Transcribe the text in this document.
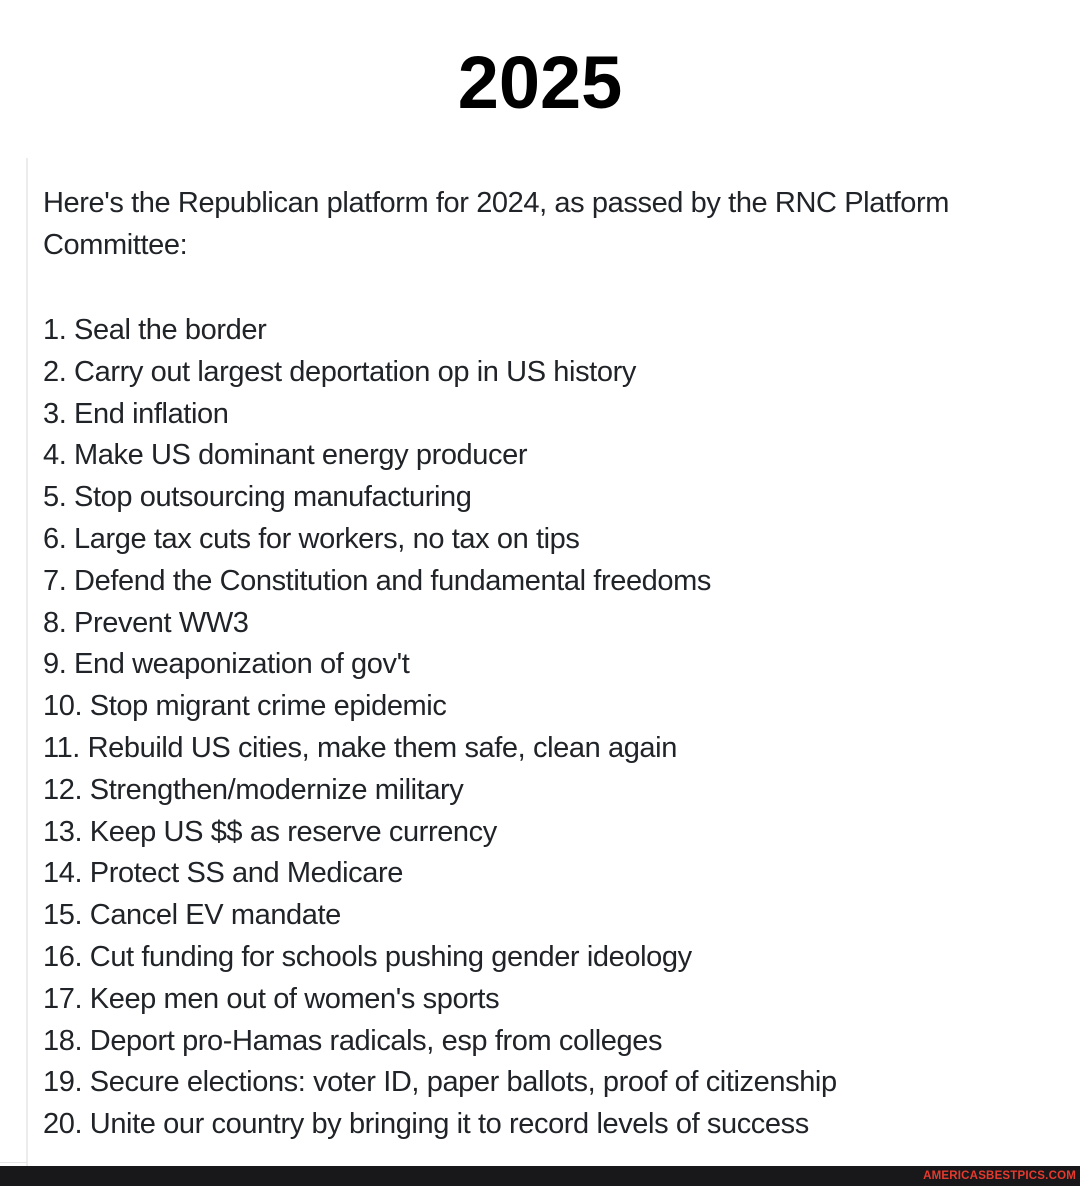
2025

Here's the Republican platform for 2024, as passed by the RNC Platform Committee:

1. Seal the border
2. Carry out largest deportation op in US history
3. End inflation
4. Make US dominant energy producer
5. Stop outsourcing manufacturing
6. Large tax cuts for workers, no tax on tips
7. Defend the Constitution and fundamental freedoms
8. Prevent WW3
9. End weaponization of gov't
10. Stop migrant crime epidemic
11. Rebuild US cities, make them safe, clean again
12. Strengthen/modernize military
13. Keep US $$ as reserve currency
14. Protect SS and Medicare
15. Cancel EV mandate
16. Cut funding for schools pushing gender ideology
17. Keep men out of women's sports
18. Deport pro-Hamas radicals, esp from colleges
19. Secure elections: voter ID, paper ballots, proof of citizenship
20. Unite our country by bringing it to record levels of success
AMERICASBESTPICS.COM
